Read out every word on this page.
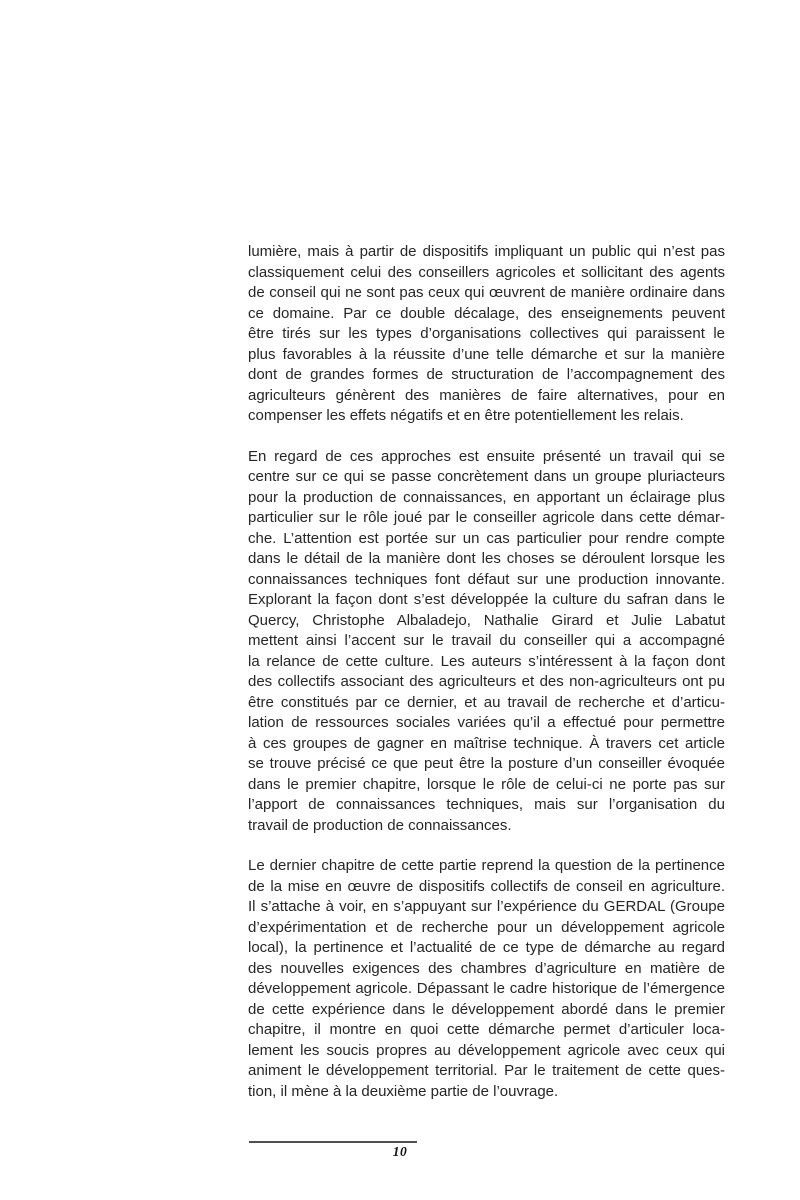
lumière, mais à partir de dispositifs impliquant un public qui n’est pas
classiquement celui des conseillers agricoles et sollicitant des agents
de conseil qui ne sont pas ceux qui œuvrent de manière ordinaire dans
ce domaine. Par ce double décalage, des enseignements peuvent
être tirés sur les types d’organisations collectives qui paraissent le
plus favorables à la réussite d’une telle démarche et sur la manière
dont de grandes formes de structuration de l’accompagnement des
agriculteurs génèrent des manières de faire alternatives, pour en
compenser les effets négatifs et en être potentiellement les relais.
En regard de ces approches est ensuite présenté un travail qui se
centre sur ce qui se passe concrètement dans un groupe pluriacteurs
pour la production de connaissances, en apportant un éclairage plus
particulier sur le rôle joué par le conseiller agricole dans cette démar-
che. L’attention est portée sur un cas particulier pour rendre compte
dans le détail de la manière dont les choses se déroulent lorsque les
connaissances techniques font défaut sur une production innovante.
Explorant la façon dont s’est développée la culture du safran dans le
Quercy, Christophe Albaladejo, Nathalie Girard et Julie Labatut
mettent ainsi l’accent sur le travail du conseiller qui a accompagné
la relance de cette culture. Les auteurs s’intéressent à la façon dont
des collectifs associant des agriculteurs et des non-agriculteurs ont pu
être constitués par ce dernier, et au travail de recherche et d’articu-
lation de ressources sociales variées qu’il a effectué pour permettre
à ces groupes de gagner en maîtrise technique. À travers cet article
se trouve précisé ce que peut être la posture d’un conseiller évoquée
dans le premier chapitre, lorsque le rôle de celui-ci ne porte pas sur
l’apport de connaissances techniques, mais sur l’organisation du
travail de production de connaissances.
Le dernier chapitre de cette partie reprend la question de la pertinence
de la mise en œuvre de dispositifs collectifs de conseil en agriculture.
Il s’attache à voir, en s’appuyant sur l’expérience du GERDAL (Groupe
d’expérimentation et de recherche pour un développement agricole
local), la pertinence et l’actualité de ce type de démarche au regard
des nouvelles exigences des chambres d’agriculture en matière de
développement agricole. Dépassant le cadre historique de l’émergence
de cette expérience dans le développement abordé dans le premier
chapitre, il montre en quoi cette démarche permet d’articuler loca-
lement les soucis propres au développement agricole avec ceux qui
animent le développement territorial. Par le traitement de cette ques-
tion, il mène à la deuxième partie de l’ouvrage.
10
